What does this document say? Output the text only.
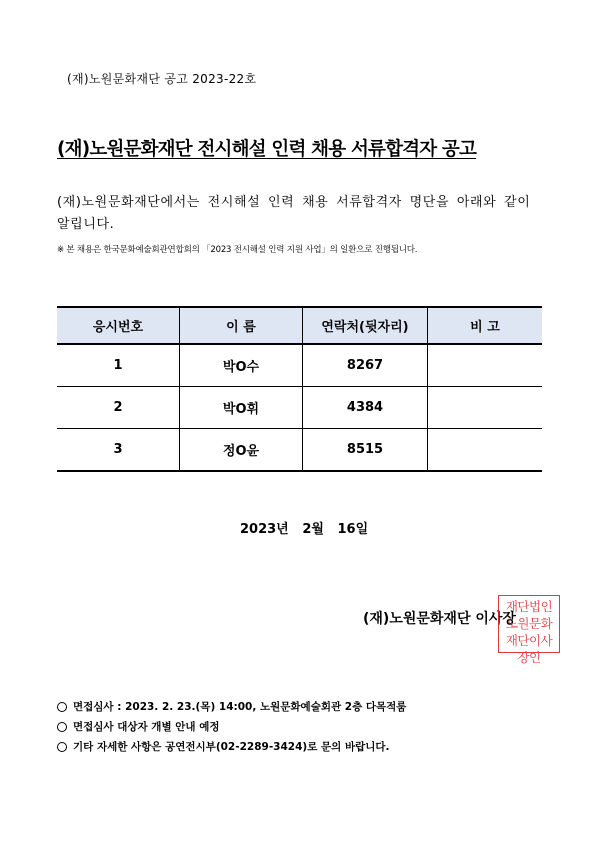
(재)노원문화재단 공고 2023-22호
(재)노원문화재단 전시해설 인력 채용 서류합격자 공고
(재)노원문화재단에서는 전시해설 인력 채용 서류합격자 명단을 아래와 같이 알립니다.
※ 본 채용은 한국문화예술회관연합회의 「2023 전시해설 인력 지원 사업」의 일환으로 진행됩니다.
응시번호	이 름	연락처(뒷자리)	비 고
1	박O수	8267	
2	박O휘	4384	
3	정O윤	8515	
2023년   2월   16일
(재)노원문화재단 이사장
재단법인노원문화재단이사장인
면접심사 : 2023. 2. 23.(목) 14:00, 노원문화예술회관 2층 다목적룸
면접심사 대상자 개별 안내 예정
기타 자세한 사항은 공연전시부(02-2289-3424)로 문의 바랍니다.
